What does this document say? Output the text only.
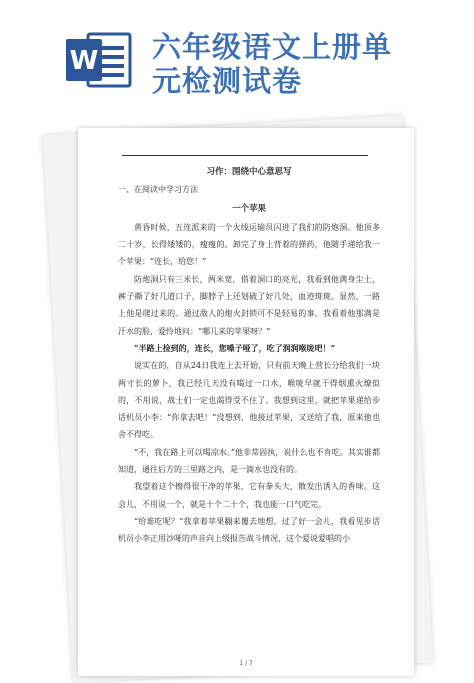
W 六年级语文上册单
元检测试卷
习作：围绕中心意思写
一、在阅读中学习方法
一个苹果

黄昏时候，五连派来的一个火线运输员闪进了我们的防炮洞。他顶多二十岁，长得矮矮的，瘦瘦的。卸完了身上背着的弹药，他随手递给我一个苹果：“连长，给您！”

防炮洞只有三米长，两米宽，借着洞口的亮光，我看到他满身尘土，裤子撕了好几道口子，脚脖子上还划破了好几处，血迹斑斑。显然，一路上他是爬过来的。通过敌人的炮火封锁可不是轻易的事。我看着他那满是汗水的脸，爱怜地问：“哪儿来的苹果呀？”

“半路上捡到的，连长，您嗓子哑了，吃了润润喉咙吧！”

说实在的，自从24日我连上去开始，只有前天晚上营长分给我们一块两寸长的萝卜，我已经几天没有喝过一口水，喉咙早就干得烟熏火燎似的，不用说，战士们一定也渴得受不住了。我想到这里，就把苹果递给步话机员小李：“你拿去吧！”没想到，他接过苹果，又送给了我，原来他也舍不得吃。

“不，我在路上可以喝凉水。”他非常固执，说什么也不肯吃。其实谁都知道，通往后方的三里路之内，是一滴水也没有的。

我望着这个擦得很干净的苹果，它有拳头大，散发出诱人的香味。这会儿，不用说一个，就是十个二十个，我也能一口气吃完。

“给谁吃呢？”我拿着苹果翻来覆去地想。过了好一会儿，我看见步话机员小李正用沙哑的声音向上级报告战斗情况，这个爱说爱唱的小

1 / 7
